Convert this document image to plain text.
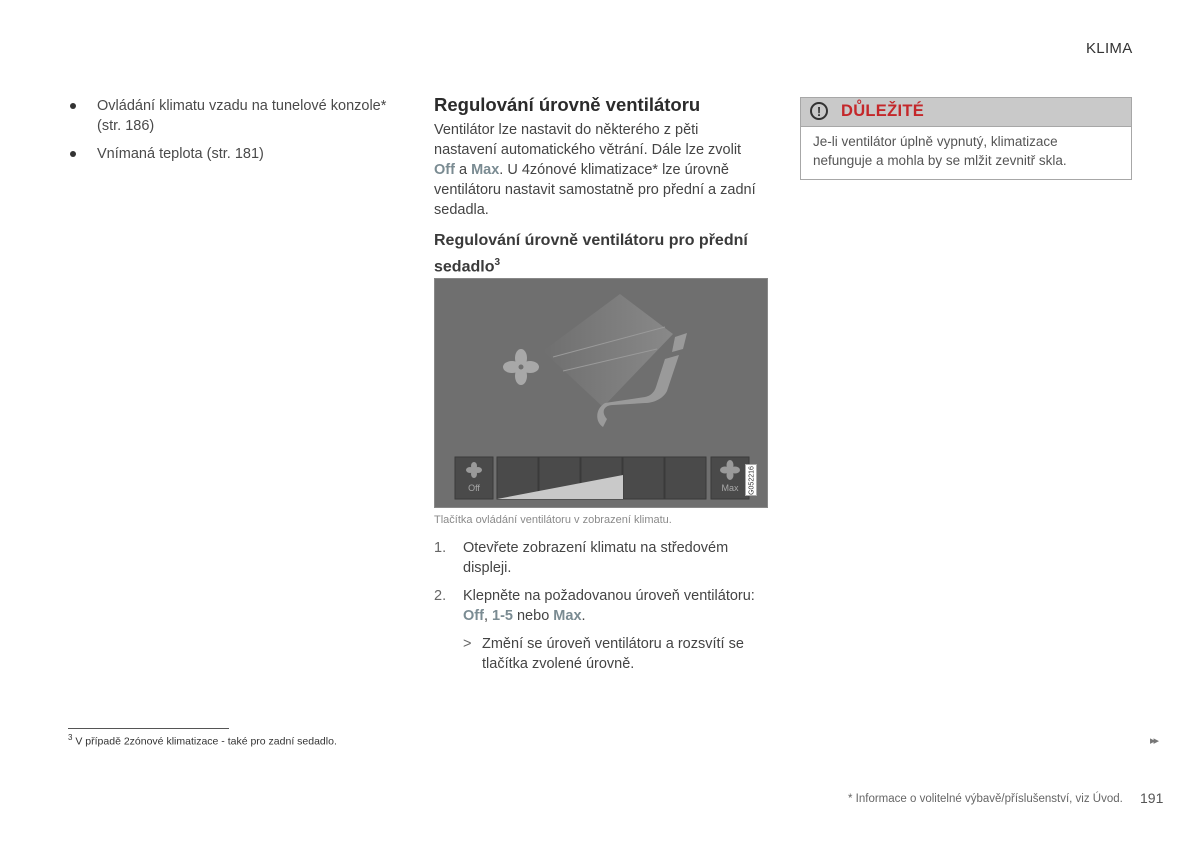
KLIMA
Ovládání klimatu vzadu na tunelové konzole* (str. 186)
Vnímaná teplota (str. 181)
Regulování úrovně ventilátoru
Ventilátor lze nastavit do některého z pěti nastavení automatického větrání. Dále lze zvolit Off a Max. U 4zónové klimatizace* lze úrovně ventilátoru nastavit samostatně pro přední a zadní sedadla.
Regulování úrovně ventilátoru pro přední sedadlo$^3$
Off	Max G052216
Tlačítka ovládání ventilátoru v zobrazení klimatu.
1. Otevřete zobrazení klimatu na středovém displeji.
2. Klepněte na požadovanou úroveň ventilátoru: Off, 1-5 nebo Max.
> Změní se úroveň ventilátoru a rozsvítí se tlačítka zvolené úrovně.
!	DŮLEŽITÉ
Je-li ventilátor úplně vypnutý, klimatizace nefunguje a mohla by se mlžit zevnitř skla.
$^3$ V případě 2zónové klimatizace - také pro zadní sedadlo.	▸▸
* Informace o volitelné výbavě/příslušenství, viz Úvod. 191
